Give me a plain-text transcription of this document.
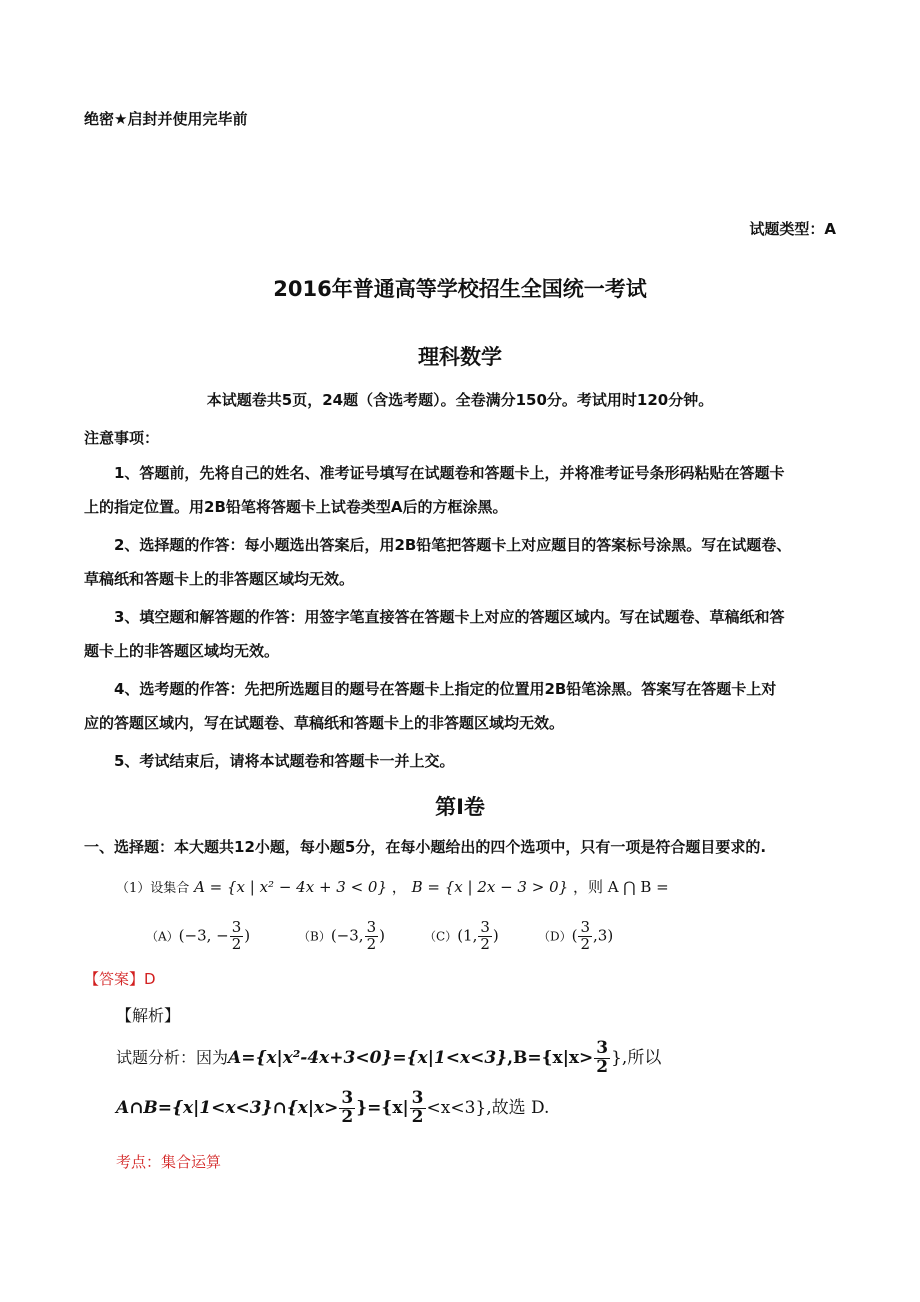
绝密★启封并使用完毕前
试题类型：A
2016年普通高等学校招生全国统一考试
理科数学
本试题卷共5页，24题（含选考题）。全卷满分150分。考试用时120分钟。
注意事项：
1、答题前，先将自己的姓名、准考证号填写在试题卷和答题卡上，并将准考证号条形码粘贴在答题卡
上的指定位置。用2B铅笔将答题卡上试卷类型A后的方框涂黑。
2、选择题的作答：每小题选出答案后，用2B铅笔把答题卡上对应题目的答案标号涂黑。写在试题卷、
草稿纸和答题卡上的非答题区域均无效。
3、填空题和解答题的作答：用签字笔直接答在答题卡上对应的答题区域内。写在试题卷、草稿纸和答
题卡上的非答题区域均无效。
4、选考题的作答：先把所选题目的题号在答题卡上指定的位置用2B铅笔涂黑。答案写在答题卡上对
应的答题区域内，写在试题卷、草稿纸和答题卡上的非答题区域均无效。
5、考试结束后，请将本试题卷和答题卡一并上交。
第Ⅰ卷
一、选择题：本大题共12小题，每小题5分，在每小题给出的四个选项中，只有一项是符合题目要求的.
（1）设集合 A = {x | x² − 4x + 3 < 0} ， B = {x | 2x − 3 > 0} ，则 A ⋂ B =
（A）(−3, − $\frac{3}{2}$ )	（B）(−3, $\frac{3}{2}$ )	（C）(1, $\frac{3}{2}$ )	$(D)( \frac{3}{2} ,3)$
【答案】D
【解析】
试题分析：因为$A=\{x|x^2-4x+3<0\}=\{x|1<x<3\},B=\{x|x> \frac{3}{2}$ },所以
A∩B={x|1<x<3}∩{x|x> $\frac{3}{2} \}=\{x| \frac{3}{2} <x<3\}$,故选 D.
考点：集合运算
